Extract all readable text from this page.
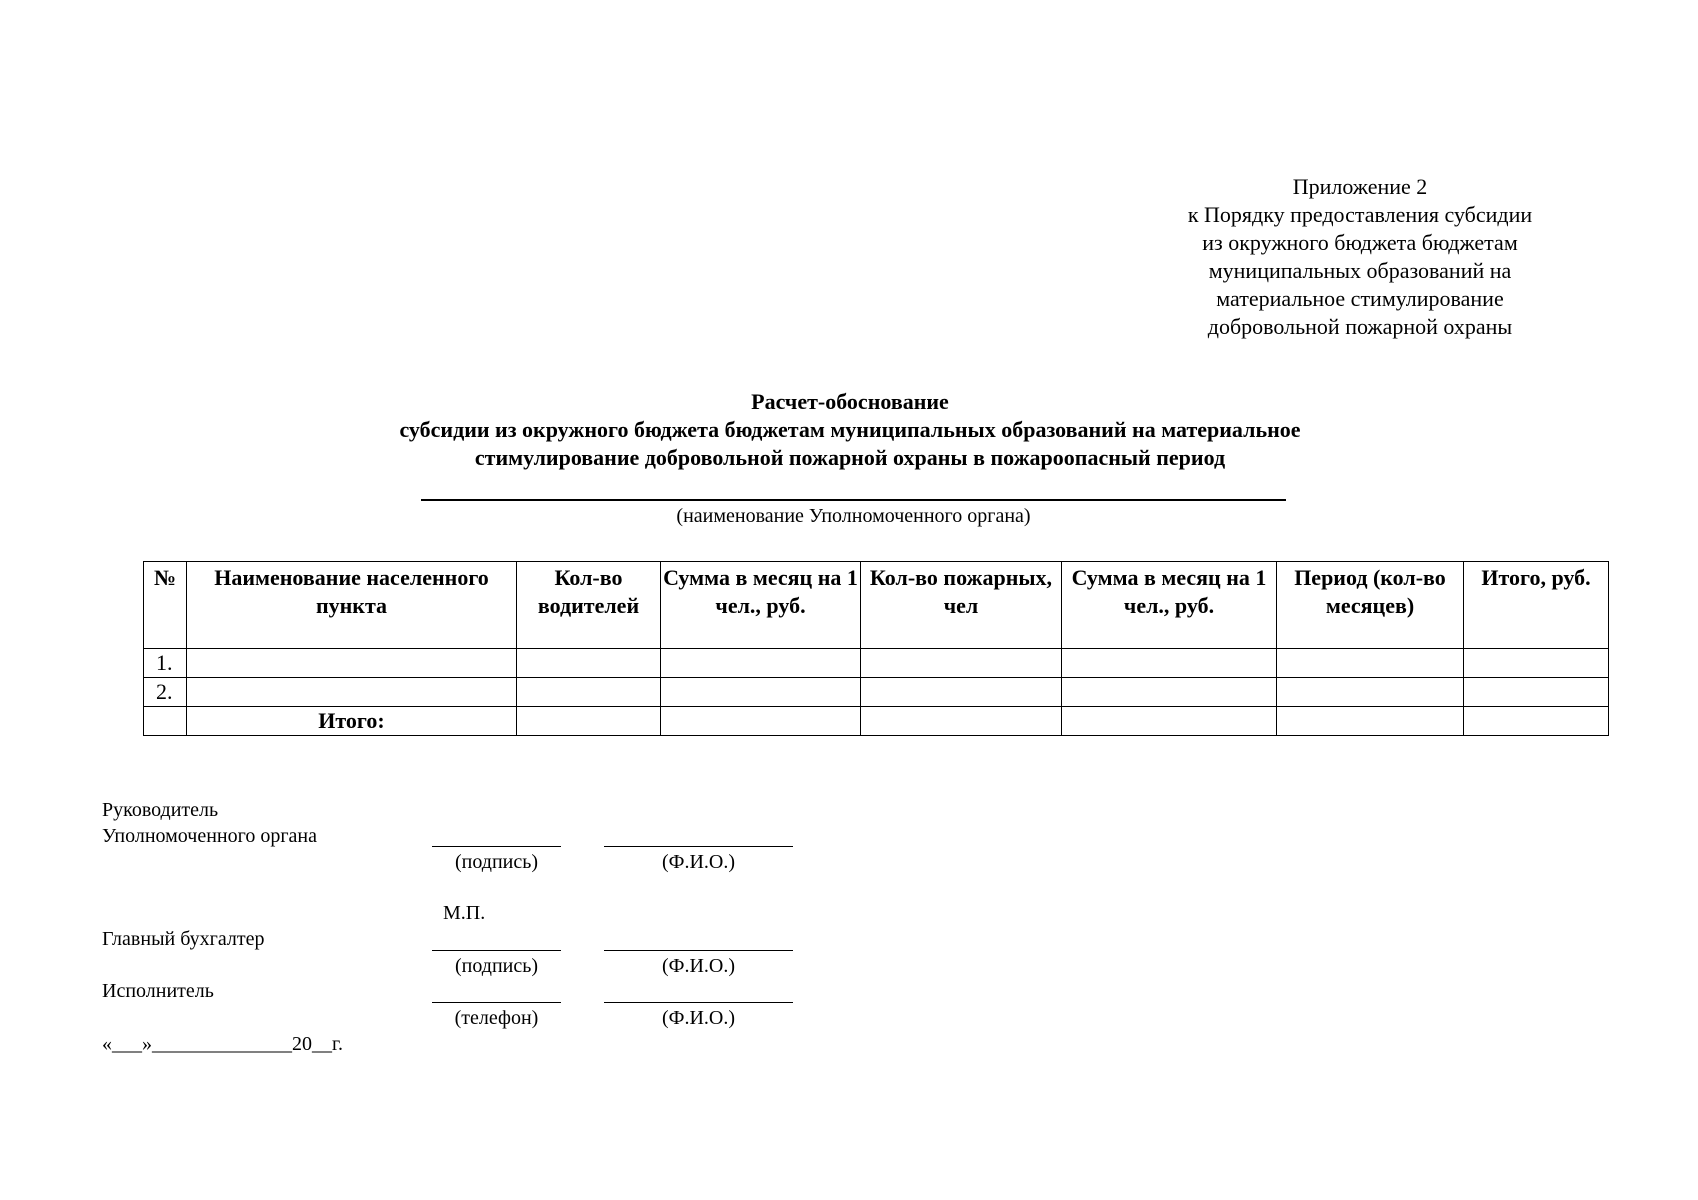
Приложение 2
к Порядку предоставления субсидии
из окружного бюджета бюджетам
муниципальных образований на
материальное стимулирование
добровольной пожарной охраны
Расчет-обоснование
субсидии из окружного бюджета бюджетам муниципальных образований на материальное
стимулирование добровольной пожарной охраны в пожароопасный период
(наименование Уполномоченного органа)
№	Наименование населенного пункта	Кол-во водителей	Сумма в месяц на 1 чел., руб.	Кол-во пожарных, чел	Сумма в месяц на 1 чел., руб.	Период (кол-во месяцев)	Итого, руб.
1.							
2.							
	Итого:						
Руководитель
Уполномоченного органа
(подпись)	(Ф.И.О.)
М.П.
Главный бухгалтер
(подпись)	(Ф.И.О.)
Исполнитель
(телефон)	(Ф.И.О.)
«___»______________20__г.
